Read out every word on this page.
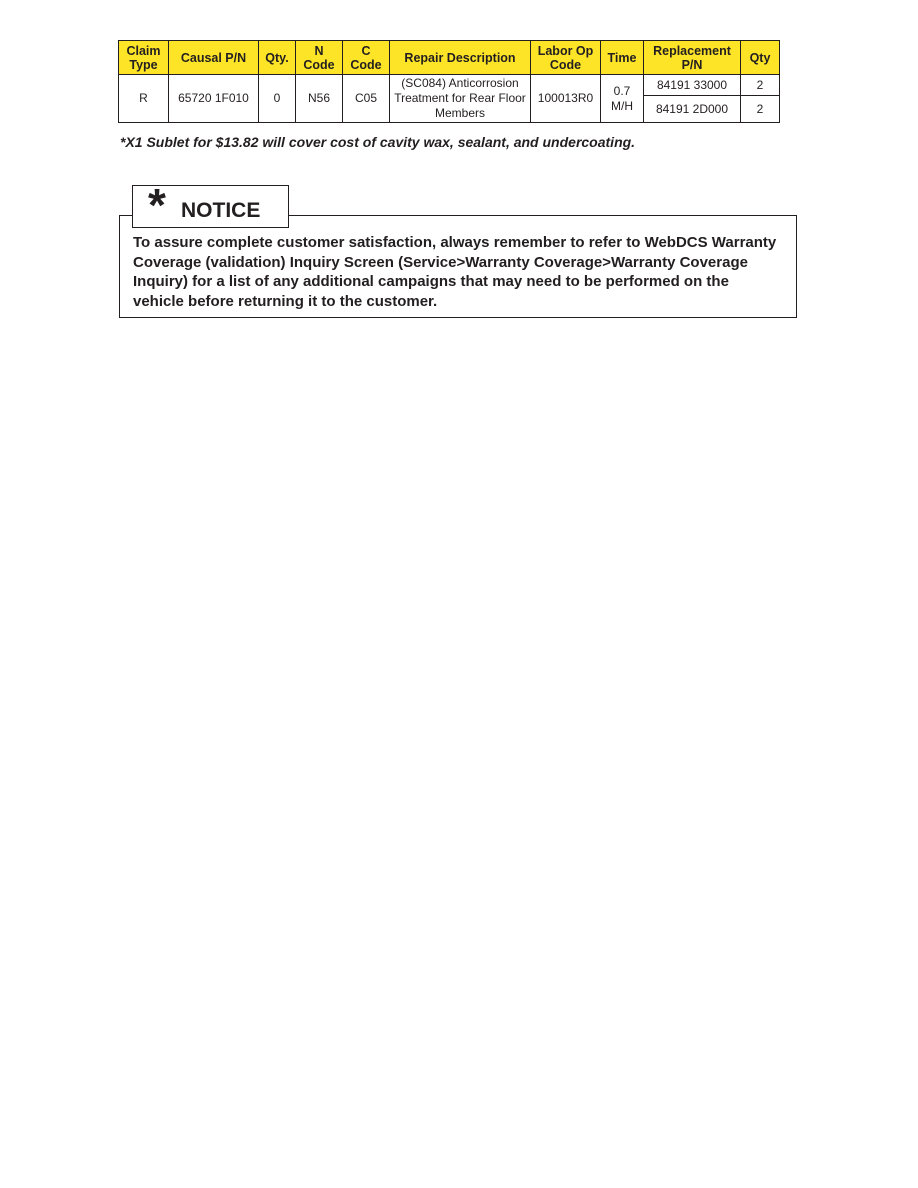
Claim Type	Causal P/N	Qty.	N Code	C Code	Repair Description	Labor Op Code	Time	Replacement P/N	Qty
R	65720 1F010	0	N56	C05	(SC084) Anticorrosion Treatment for Rear Floor Members	100013R0	0.7 M/H	84191 33000	2
								84191 2D000	2

*X1 Sublet for $13.82 will cover cost of cavity wax, sealant, and undercoating.

* NOTICE

To assure complete customer satisfaction, always remember to refer to WebDCS Warranty Coverage (validation) Inquiry Screen (Service>Warranty Coverage>Warranty Coverage Inquiry) for a list of any additional campaigns that may need to be performed on the vehicle before returning it to the customer.
